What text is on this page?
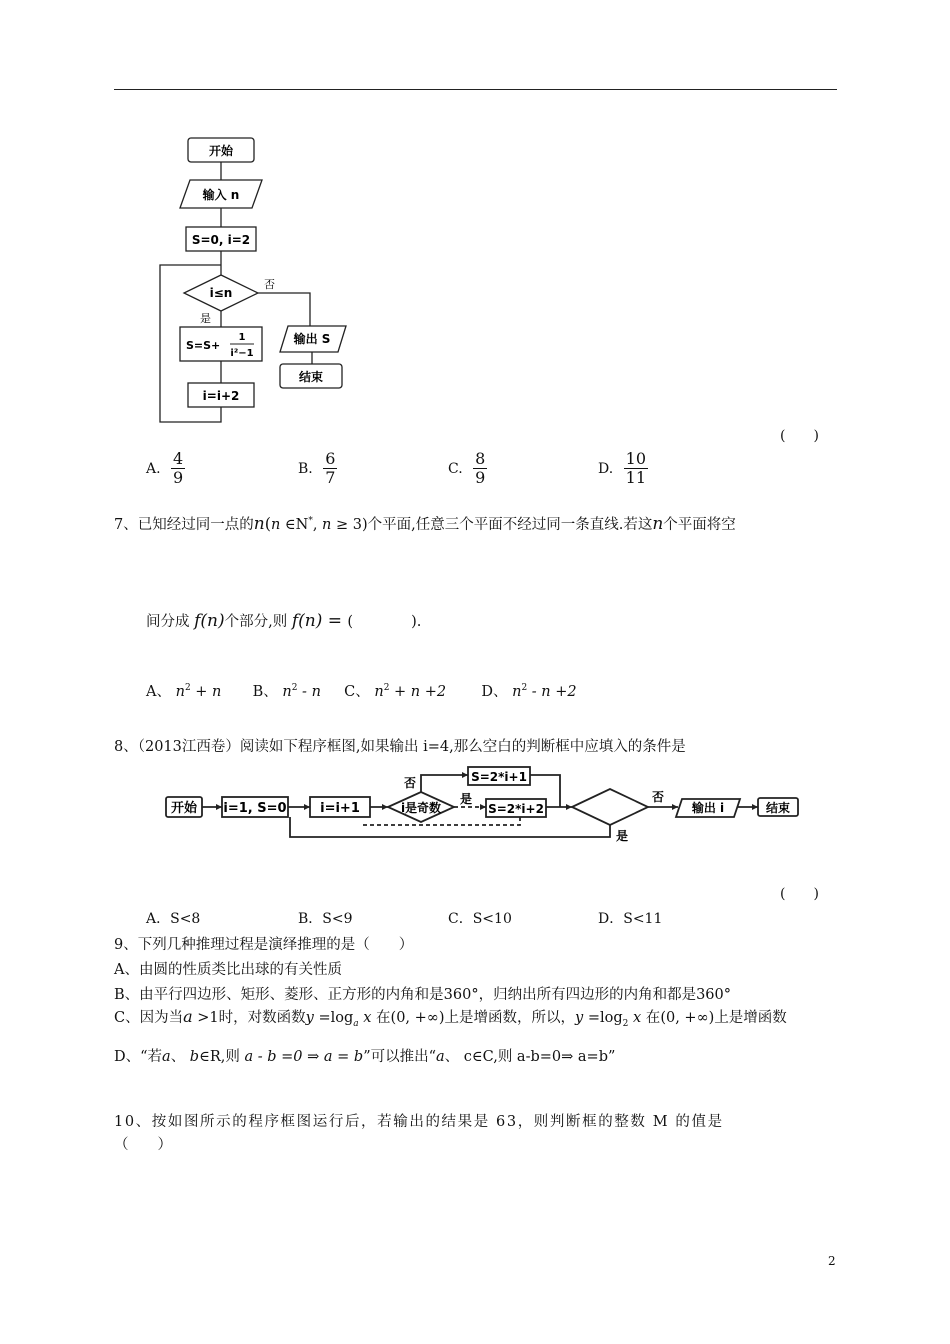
开始
输入 n
S=0, i=2
i≤n
否
是
S=S+
1
i²−1
i=i+2
输出 S
结束
(　　)
A. $\frac{4}{9}$	B. $\frac{6}{7}$	C. $\frac{8}{9}$	D. $\frac{10}{11}$
7、已知经过同一点的n(n ∈N*, n ≥ 3)个平面,任意三个平面不经过同一条直线.若这n个平面将空
间分成 f(n)个部分,则 f(n) = (　　　　).
A、 $n^2 + n$ B、 $n^2$ - n C、 $n^2 + n +2$ D、 $n^2 - n +2$
8、（2013江西卷）阅读如下程序框图,如果输出 i=4,那么空白的判断框中应填入的条件是
开始 i=1, S=0	i=i+1	i是奇数
否
是
S=2*i+1
S=2*i+2
否
是
输出 i	结束
(　　)
A．S<8	B．S<9	C．S<10	D．S<11
9、下列几种推理过程是演绎推理的是（　　）
A、由圆的性质类比出球的有关性质
B、由平行四边形、矩形、菱形、正方形的内角和是360°，归纳出所有四边形的内角和都是360°
C、因为当a >1时，对数函数$y =\log_a$ x 在(0, +∞)上是增函数，所以，$y =\log_2$ x 在(0, +∞)上是增函数
D、“若a、 b∈R,则 a - b =0 ⇒ a = b”可以推出“a、 c∈C,则 a-b=0⇒ a=b”
10、按如图所示的程序框图运行后，若输出的结果是 63，则判断框的整数 M 的值是
（　　）
2
